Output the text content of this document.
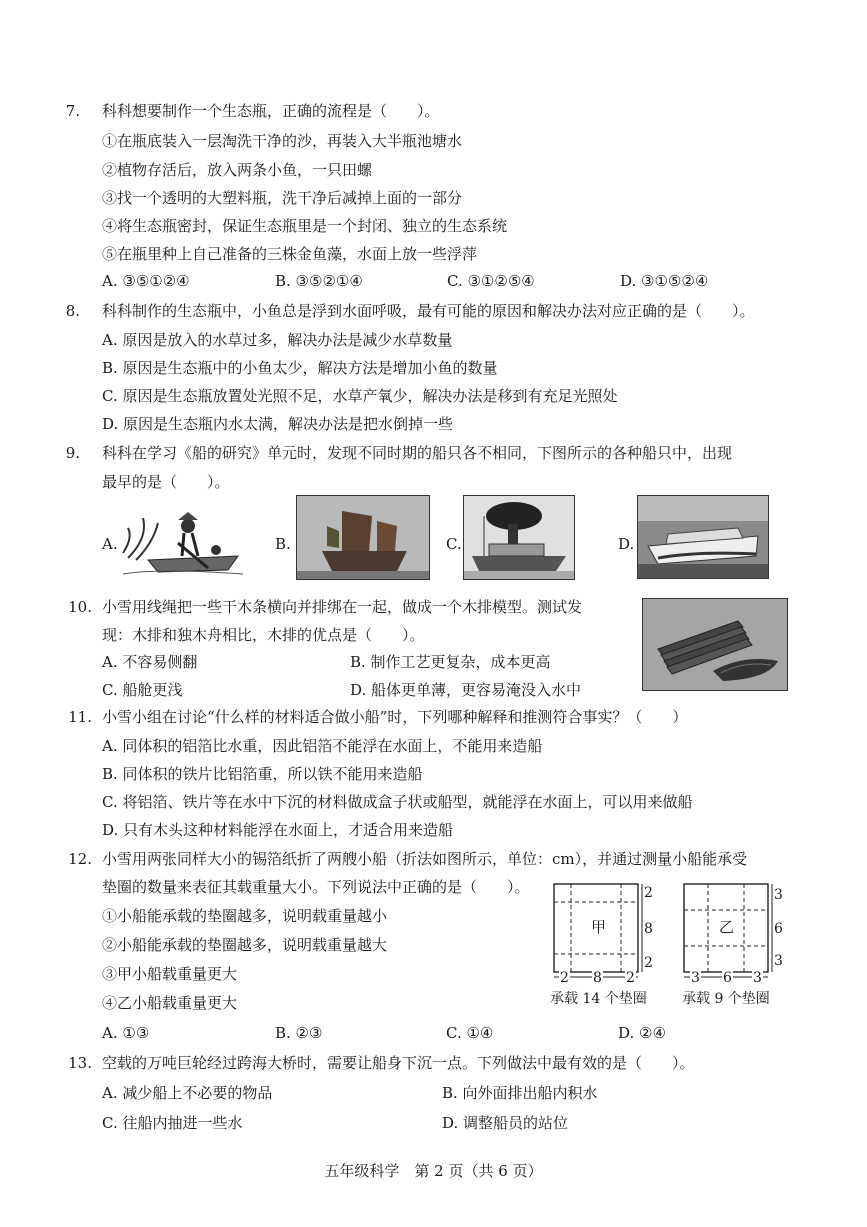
7. 科科想要制作一个生态瓶，正确的流程是（　　）。
①在瓶底装入一层淘洗干净的沙，再装入大半瓶池塘水
②植物存活后，放入两条小鱼，一只田螺
③找一个透明的大塑料瓶，洗干净后减掉上面的一部分
④将生态瓶密封，保证生态瓶里是一个封闭、独立的生态系统
⑤在瓶里种上自己准备的三株金鱼藻，水面上放一些浮萍
A. ③⑤①②④	B. ③⑤②①④	C. ③①②⑤④	D. ③①⑤②④
8. 科科制作的生态瓶中，小鱼总是浮到水面呼吸，最有可能的原因和解决办法对应正确的是（　　）。
A. 原因是放入的水草过多，解决办法是减少水草数量
B. 原因是生态瓶中的小鱼太少，解决方法是增加小鱼的数量
C. 原因是生态瓶放置处光照不足，水草产氧少，解决办法是移到有充足光照处
D. 原因是生态瓶内水太满，解决办法是把水倒掉一些
9. 科科在学习《船的研究》单元时，发现不同时期的船只各不相同，下图所示的各种船只中，出现
最早的是（　　）。
A.	B.	C.	D.
10. 小雪用线绳把一些干木条横向并排绑在一起，做成一个木排模型。测试发
现：木排和独木舟相比，木排的优点是（　　）。
A. 不容易侧翻	B. 制作工艺更复杂，成本更高
C. 船舱更浅	D. 船体更单薄，更容易淹没入水中
11. 小雪小组在讨论“什么样的材料适合做小船”时，下列哪种解释和推测符合事实？（　　）
A. 同体积的铝箔比水重，因此铝箔不能浮在水面上，不能用来造船
B. 同体积的铁片比铝箔重，所以铁不能用来造船
C. 将铝箔、铁片等在水中下沉的材料做成盒子状或船型，就能浮在水面上，可以用来做船
D. 只有木头这种材料能浮在水面上，才适合用来造船
12. 小雪用两张同样大小的锡箔纸折了两艘小船（折法如图所示，单位：cm），并通过测量小船能承受
垫圈的数量来表征其载重量大小。下列说法中正确的是（　　）。
①小船能承载的垫圈越多，说明载重量越小
②小船能承载的垫圈越多，说明载重量越大
③甲小船载重量更大
④乙小船载重量更大
A. ①③	B. ②③	C. ①④	D. ②④
甲
2
8
2
2 8 2
承载 14 个垫圈
乙
3
6
3
3 6 3
承载 9 个垫圈
13. 空载的万吨巨轮经过跨海大桥时，需要让船身下沉一点。下列做法中最有效的是（　　）。
A. 减少船上不必要的物品	B. 向外面排出船内积水
C. 往船内抽进一些水	D. 调整船员的站位
五年级科学　第 2 页（共 6 页）
